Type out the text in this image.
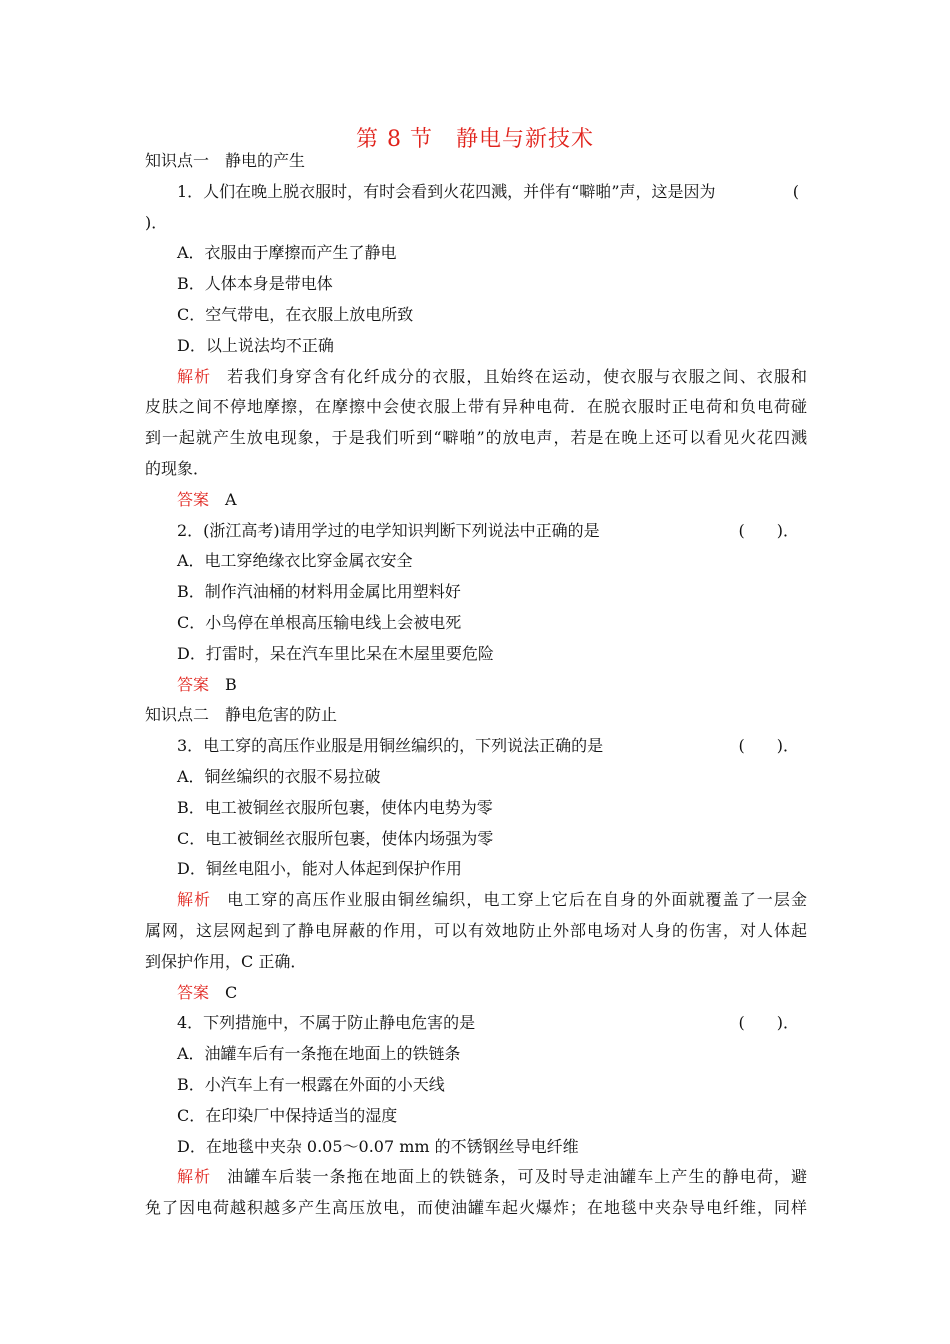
第 8 节　静电与新技术
知识点一　静电的产生
1．人们在晚上脱衣服时，有时会看到火花四溅，并伴有“噼啪”声，这是因为	(
)．
A．衣服由于摩擦而产生了静电
B．人体本身是带电体
C．空气带电，在衣服上放电所致
D．以上说法均不正确
解析 若我们身穿含有化纤成分的衣服，且始终在运动，使衣服与衣服之间、衣服和
皮肤之间不停地摩擦，在摩擦中会使衣服上带有异种电荷．在脱衣服时正电荷和负电荷碰
到一起就产生放电现象，于是我们听到“噼啪”的放电声，若是在晚上还可以看见火花四溅
的现象．
答案 A
2．(浙江高考)请用学过的电学知识判断下列说法中正确的是	(　　)．
A．电工穿绝缘衣比穿金属衣安全
B．制作汽油桶的材料用金属比用塑料好
C．小鸟停在单根高压输电线上会被电死
D．打雷时，呆在汽车里比呆在木屋里要危险
答案 B
知识点二　静电危害的防止
3．电工穿的高压作业服是用铜丝编织的，下列说法正确的是	(　　)．
A．铜丝编织的衣服不易拉破
B．电工被铜丝衣服所包裹，使体内电势为零
C．电工被铜丝衣服所包裹，使体内场强为零
D．铜丝电阻小，能对人体起到保护作用
解析 电工穿的高压作业服由铜丝编织，电工穿上它后在自身的外面就覆盖了一层金
属网，这层网起到了静电屏蔽的作用，可以有效地防止外部电场对人身的伤害，对人体起
到保护作用，C 正确．
答案 C
4．下列措施中，不属于防止静电危害的是	(　　)．
A．油罐车后有一条拖在地面上的铁链条
B．小汽车上有一根露在外面的小天线
C．在印染厂中保持适当的湿度
D．在地毯中夹杂 0.05～0.07 mm 的不锈钢丝导电纤维
解析 油罐车后装一条拖在地面上的铁链条，可及时导走油罐车上产生的静电荷，避
免了因电荷越积越多产生高压放电，而使油罐车起火爆炸；在地毯中夹杂导电纤维，同样
